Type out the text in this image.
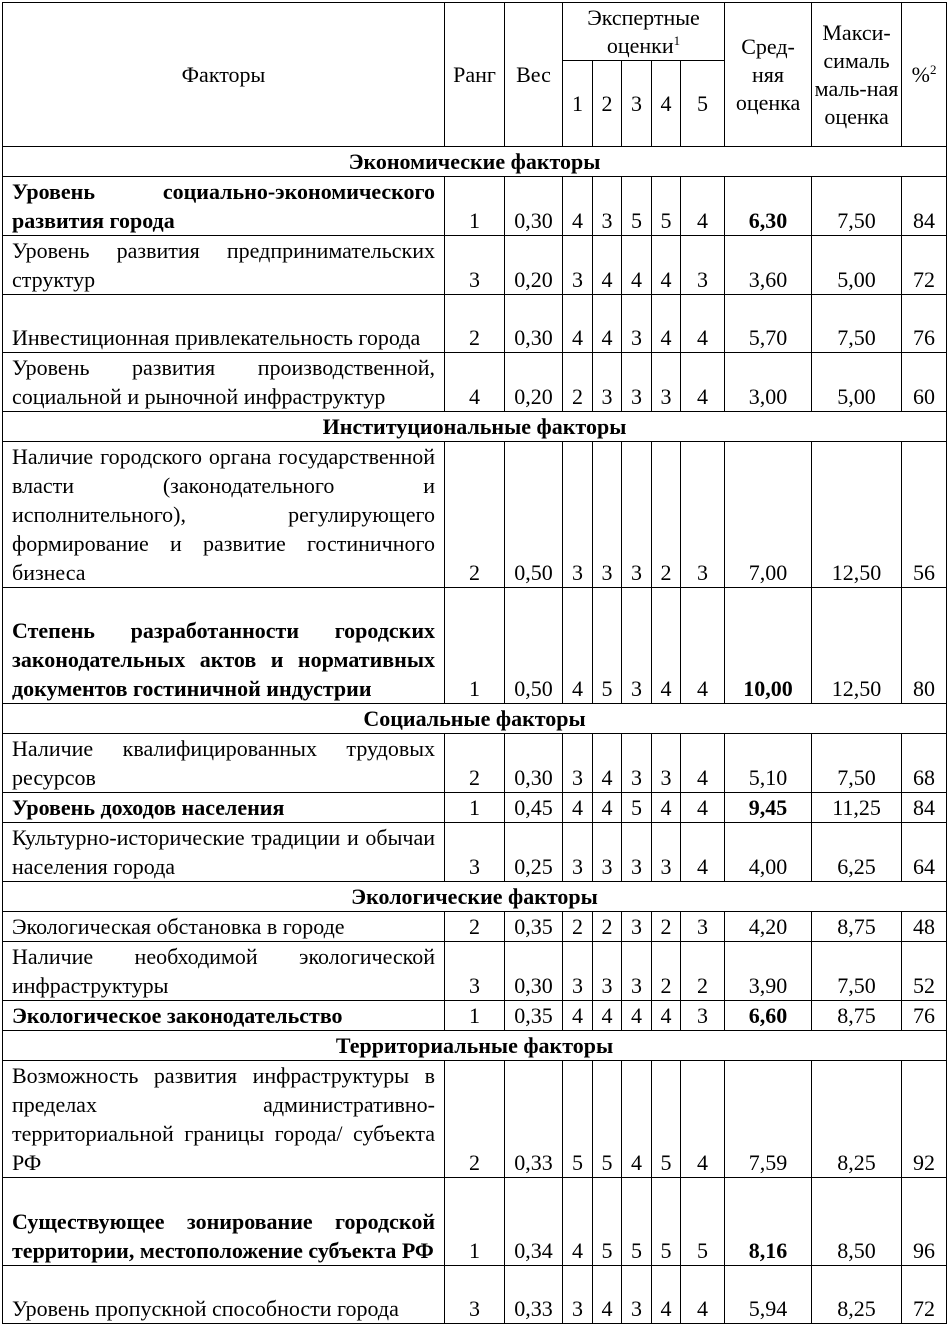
Факторы	Ранг	Вес	Экспертные оценки$^1$					Сред- няя оценка	Макси-сималь маль-ная оценка	%$^2$
			1	2	3	4	5			
Экономические факторы										
Уровень социально-экономического развития города	1	0,30	4	3	5	5	4	6,30	7,50	84
Уровень развития предпринимательских структур	3	0,20	3	4	4	4	3	3,60	5,00	72
Инвестиционная привлекательность города	2	0,30	4	4	3	4	4	5,70	7,50	76
Уровень развития производственной, социальной и рыночной инфраструктур	4	0,20	2	3	3	3	4	3,00	5,00	60
Институциональные факторы										
Наличие городского органа государственной власти (законодательного и исполнительного), регулирующего формирование и развитие гостиничного бизнеса	2	0,50	3	3	3	2	3	7,00	12,50	56
Степень разработанности городских законодательных актов и нормативных документов гостиничной индустрии	1	0,50	4	5	3	4	4	10,00	12,50	80
Социальные факторы										
Наличие квалифицированных трудовых ресурсов	2	0,30	3	4	3	3	4	5,10	7,50	68
Уровень доходов населения	1	0,45	4	4	5	4	4	9,45	11,25	84
Культурно-исторические традиции и обычаи населения города	3	0,25	3	3	3	3	4	4,00	6,25	64
Экологические факторы										
Экологическая обстановка в городе	2	0,35	2	2	3	2	3	4,20	8,75	48
Наличие необходимой экологической инфраструктуры	3	0,30	3	3	3	2	2	3,90	7,50	52
Экологическое законодательство	1	0,35	4	4	4	4	3	6,60	8,75	76
Территориальные факторы										
Возможность развития инфраструктуры в пределах административно-территориальной границы города/ субъекта РФ	2	0,33	5	5	4	5	4	7,59	8,25	92
Существующее зонирование городской территории, местоположение субъекта РФ	1	0,34	4	5	5	5	5	8,16	8,50	96
Уровень пропускной способности города	3	0,33	3	4	3	4	4	5,94	8,25	72
